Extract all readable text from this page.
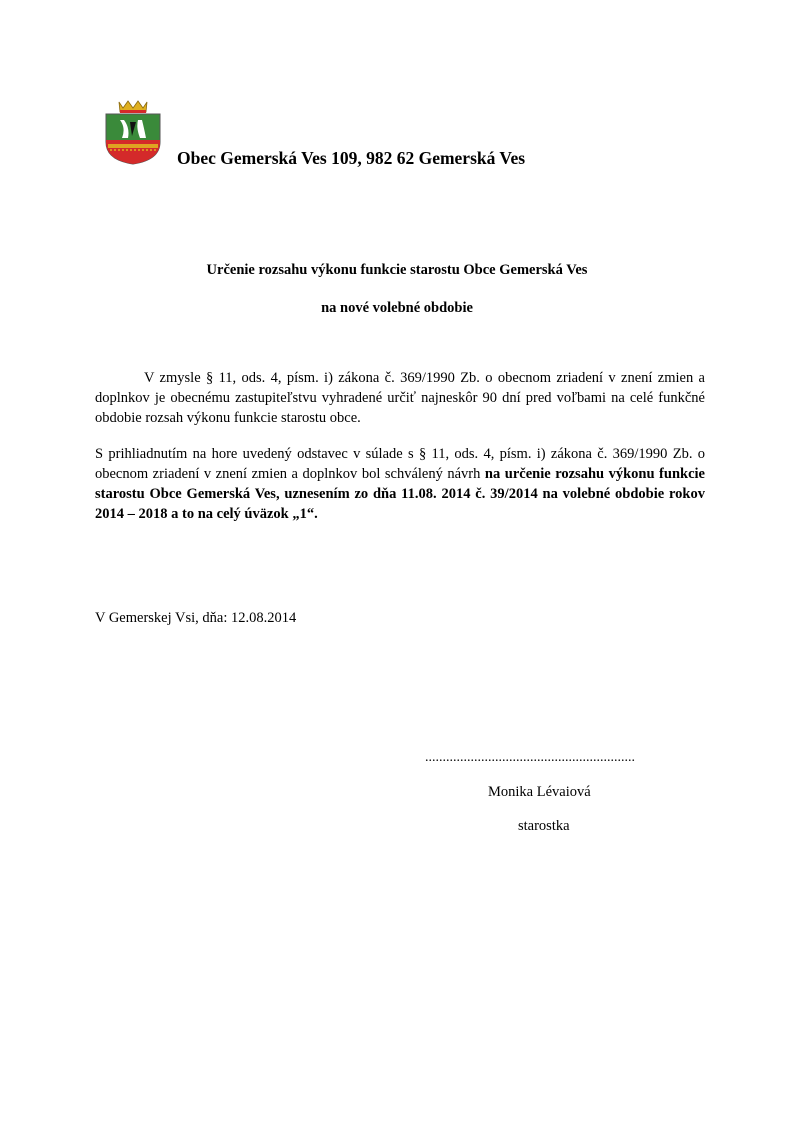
Obec Gemerská Ves 109, 982 62 Gemerská Ves
Určenie rozsahu výkonu funkcie starostu Obce Gemerská Ves
na nové volebné obdobie
V zmysle § 11, ods. 4, písm. i) zákona č. 369/1990 Zb. o obecnom zriadení v znení zmien a doplnkov je obecnému zastupiteľstvu vyhradené určiť najneskôr 90 dní pred voľbami na celé funkčné obdobie rozsah výkonu funkcie starostu obce.
S prihliadnutím na hore uvedený odstavec v súlade s § 11, ods. 4, písm. i) zákona č. 369/1990 Zb. o obecnom zriadení v znení zmien a doplnkov bol schválený návrh na určenie rozsahu výkonu funkcie starostu Obce Gemerská Ves, uznesením zo dňa 11.08. 2014 č. 39/2014 na volebné obdobie rokov 2014 – 2018 a to na celý úväzok „1“.
V Gemerskej Vsi, dňa: 12.08.2014
............................................................
Monika Lévaiová
starostka
